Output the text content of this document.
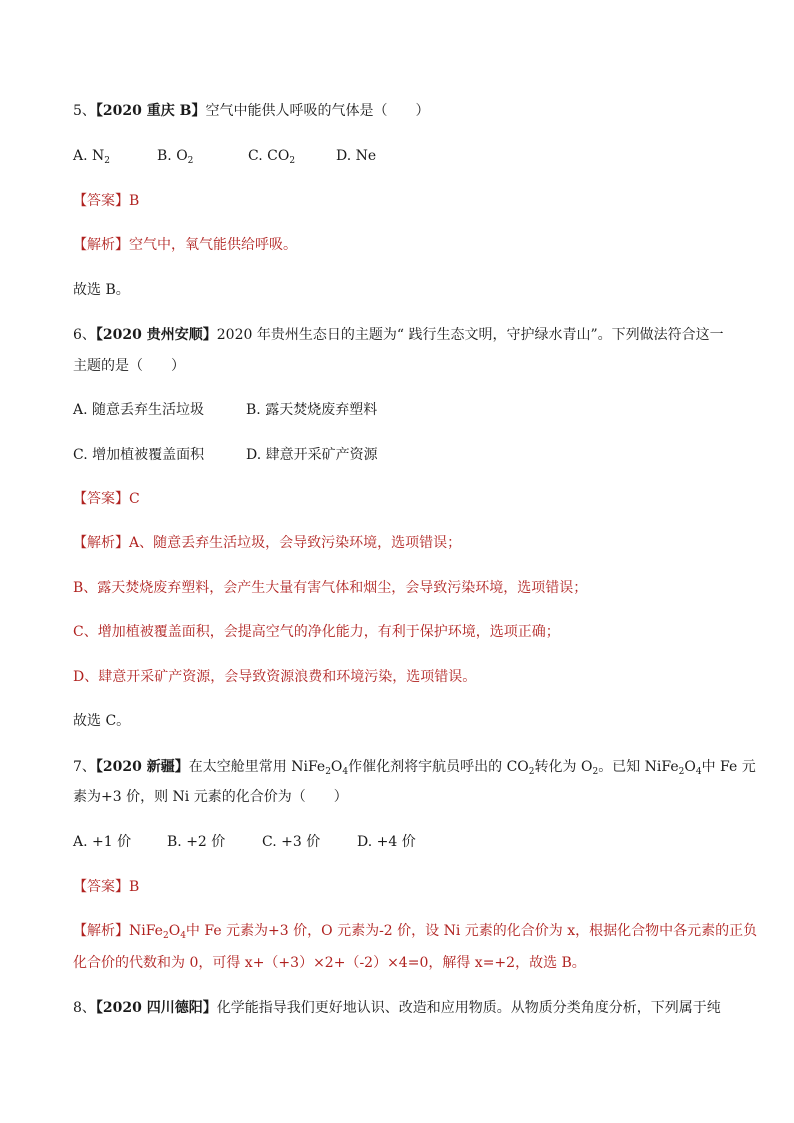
5、【2020 重庆 B】空气中能供人呼吸的气体是（　　）
A. $N_2$	B. $O_2$	C. $CO_2$	D. Ne
【答案】B
【解析】空气中，氧气能供给呼吸。
故选 B。
6、【2020 贵州安顺】2020 年贵州生态日的主题为“ 践行生态文明，守护绿水青山”。下列做法符合这一
主题的是（　　）
A. 随意丢弃生活垃圾	B. 露天焚烧废弃塑料
C. 增加植被覆盖面积	D. 肆意开采矿产资源
【答案】C
【解析】A、随意丢弃生活垃圾，会导致污染环境，选项错误；
B、露天焚烧废弃塑料，会产生大量有害气体和烟尘，会导致污染环境，选项错误；
C、增加植被覆盖面积，会提高空气的净化能力，有利于保护环境，选项正确；
D、肆意开采矿产资源，会导致资源浪费和环境污染，选项错误。
故选 C。
7、【2020 新疆】在太空舱里常用 $NiFe_2O_4$作催化剂将宇航员呼出的 $CO_2$转化为 $O_2$。已知 $NiFe_2O_4$中 Fe 元
素为+3 价，则 Ni 元素的化合价为（　　）
A. +1 价	B. +2 价	C. +3 价	D. +4 价
【答案】B
【解析】$NiFe_2O_4$中 Fe 元素为+3 价，O 元素为-2 价，设 Ni 元素的化合价为 x，根据化合物中各元素的正负
化合价的代数和为 0，可得 x+（+3）×2+（-2）×4=0，解得 x=+2，故选 B。
8、【2020 四川德阳】化学能指导我们更好地认识、改造和应用物质。从物质分类角度分析，下列属于纯
